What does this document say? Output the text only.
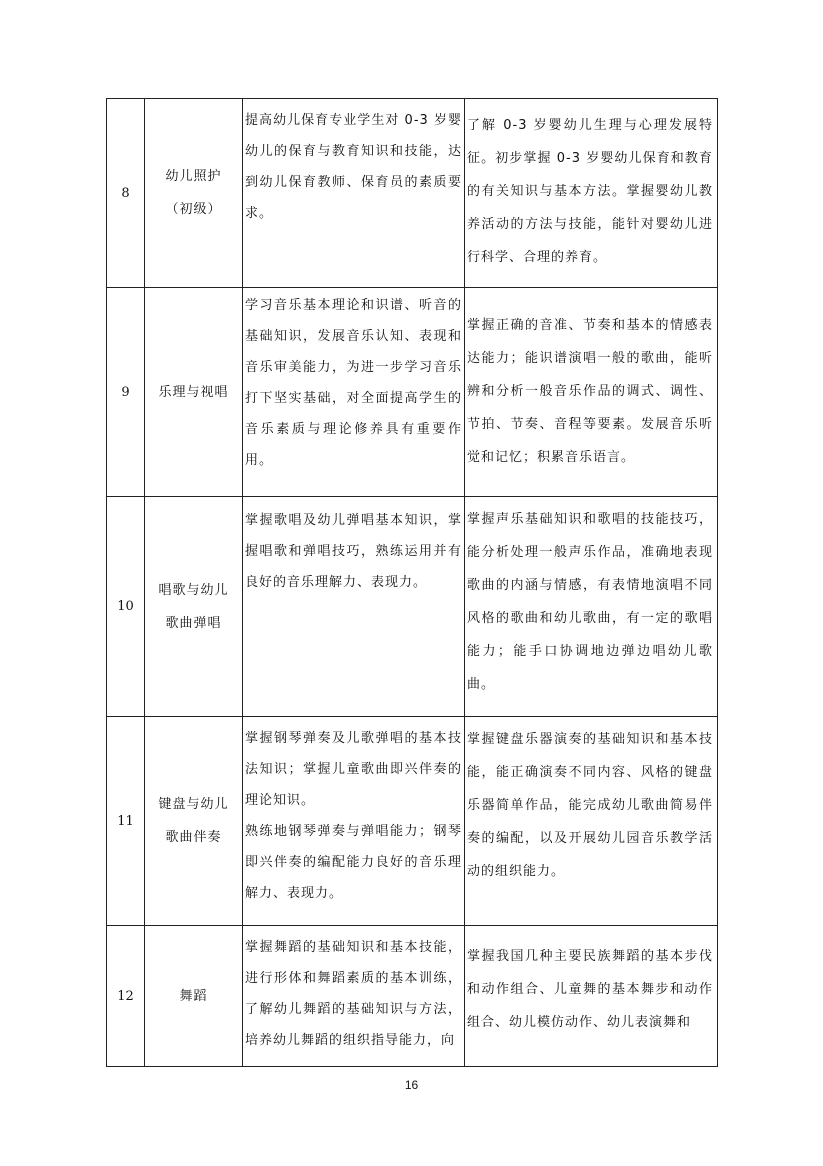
8	幼儿照护（初级）	提高幼儿保育专业学生对 0-3 岁婴幼儿的保育与教育知识和技能，达到幼儿保育教师、保育员的素质要求。	了解 0-3 岁婴幼儿生理与心理发展特征。初步掌握 0-3 岁婴幼儿保育和教育的有关知识与基本方法。掌握婴幼儿教养活动的方法与技能，能针对婴幼儿进行科学、合理的养育。

9	乐理与视唱	学习音乐基本理论和识谱、听音的基础知识，发展音乐认知、表现和音乐审美能力，为进一步学习音乐打下坚实基础，对全面提高学生的音乐素质与理论修养具有重要作用。	掌握正确的音准、节奏和基本的情感表达能力；能识谱演唱一般的歌曲，能听辨和分析一般音乐作品的调式、调性、节拍、节奏、音程等要素。发展音乐听觉和记忆；积累音乐语言。

10	唱歌与幼儿歌曲弹唱	掌握歌唱及幼儿弹唱基本知识，掌握唱歌和弹唱技巧，熟练运用并有良好的音乐理解力、表现力。	掌握声乐基础知识和歌唱的技能技巧，能分析处理一般声乐作品，准确地表现歌曲的内涵与情感，有表情地演唱不同风格的歌曲和幼儿歌曲，有一定的歌唱能力；能手口协调地边弹边唱幼儿歌曲。

11	键盘与幼儿歌曲伴奏	掌握钢琴弹奏及儿歌弹唱的基本技法知识；掌握儿童歌曲即兴伴奏的理论知识。
熟练地钢琴弹奏与弹唱能力；钢琴即兴伴奏的编配能力良好的音乐理解力、表现力。	掌握键盘乐器演奏的基础知识和基本技能，能正确演奏不同内容、风格的键盘乐器简单作品，能完成幼儿歌曲简易伴奏的编配，以及开展幼儿园音乐教学活动的组织能力。

12	舞蹈	掌握舞蹈的基础知识和基本技能，进行形体和舞蹈素质的基本训练，了解幼儿舞蹈的基础知识与方法，培养幼儿舞蹈的组织指导能力，向	掌握我国几种主要民族舞蹈的基本步伐和动作组合、儿童舞的基本舞步和动作组合、幼儿模仿动作、幼儿表演舞和
16
